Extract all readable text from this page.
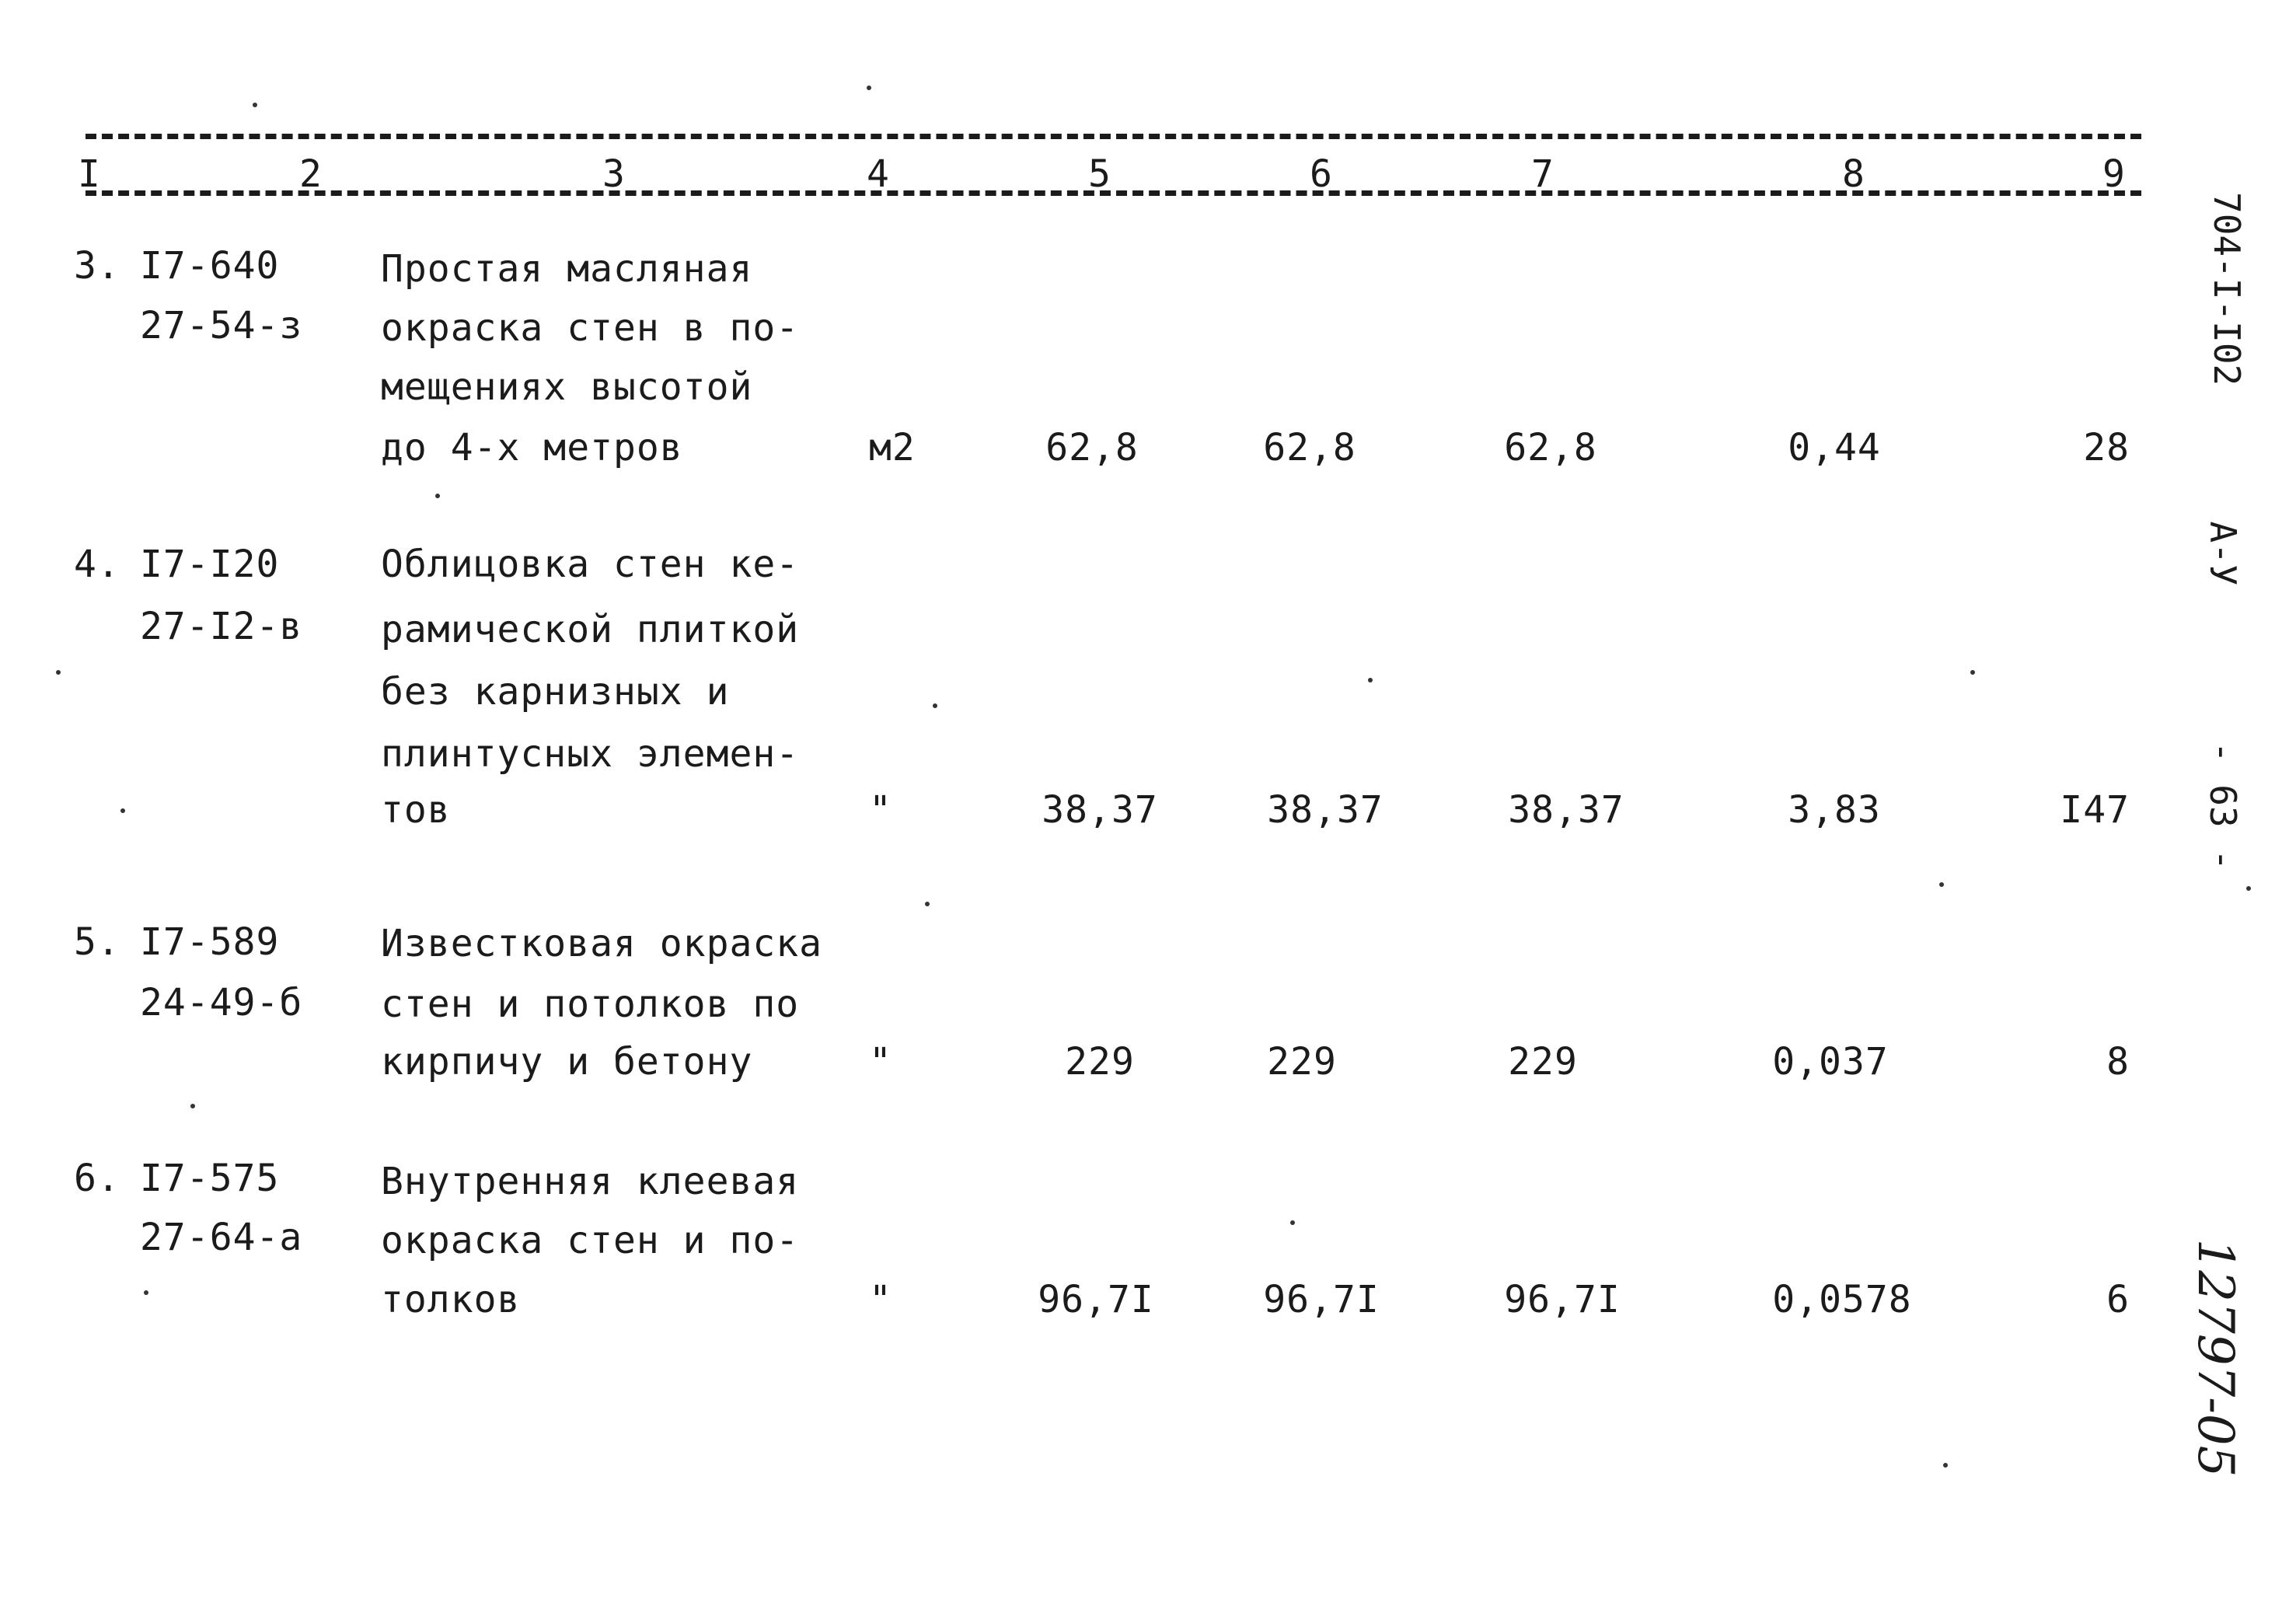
I	2	3	4	5	6	7	8	9
3. I7-640
27-54-з
Простая масляная
окраска стен в по-
мещениях высотой
до 4-х метров	м2	62,8	62,8	62,8	0,44	28
4. I7-I20
27-I2-в
Облицовка стен ке-
рамической плиткой
без карнизных и
плинтусных элемен-
тов	"	38,37	38,37	38,37	3,83	I47
5. I7-589
24-49-б
Известковая окраска
стен и потолков по
кирпичу и бетону	"	229	229	229	0,037	8
6. I7-575
27-64-а
Внутренняя клеевая
окраска стен и по-
толков	"	96,7I	96,7I	96,7I	0,0578	6
704-I-I02
А-У
- 63 -
12797-05
